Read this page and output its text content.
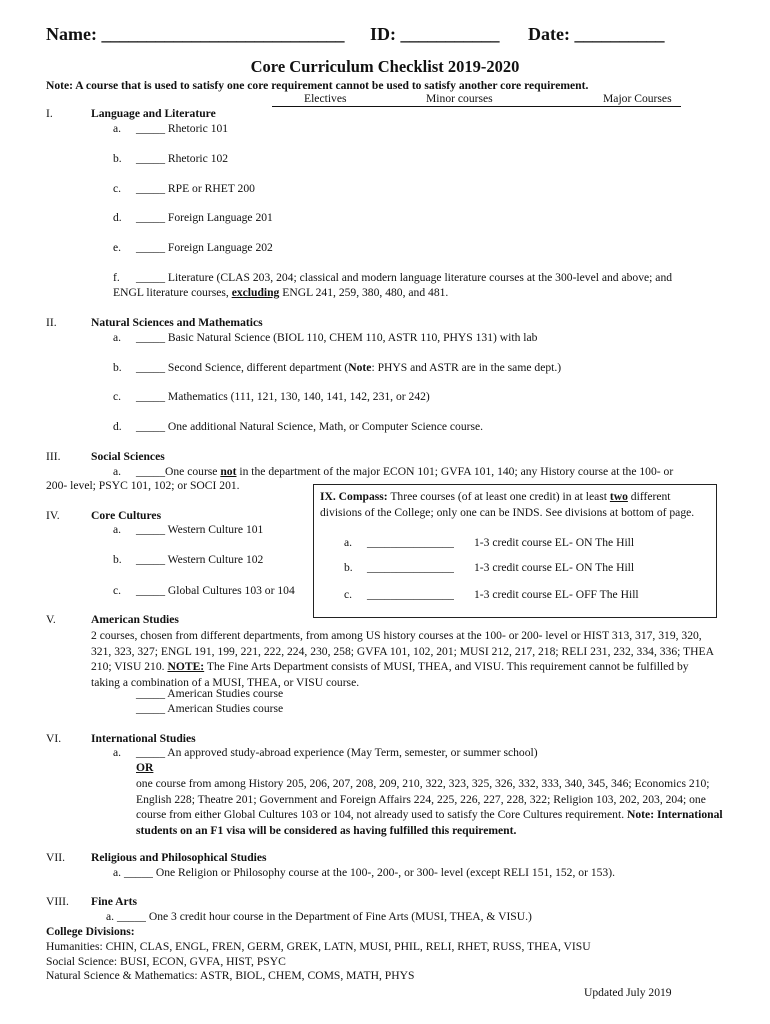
Name: ___________________________ ID: ___________ Date: __________
Core Curriculum Checklist 2019-2020
Note: A course that is used to satisfy one core requirement cannot be used to satisfy another core requirement.
Electives	Minor courses	Major Courses
I.	Language and Literature
a. _____ Rhetoric 101
b. _____ Rhetoric 102
c. _____ RPE or RHET 200
d. _____ Foreign Language 201
e. _____ Foreign Language 202
f. _____ Literature (CLAS 203, 204; classical and modern language literature courses at the 300-level and above; and
ENGL literature courses, excluding ENGL 241, 259, 380, 480, and 481.
II.	Natural Sciences and Mathematics
a. _____ Basic Natural Science (BIOL 110, CHEM 110, ASTR 110, PHYS 131) with lab
b. _____ Second Science, different department (Note: PHYS and ASTR are in the same dept.)
c. _____ Mathematics (111, 121, 130, 140, 141, 142, 231, or 242)
d. _____ One additional Natural Science, Math, or Computer Science course.
III.	Social Sciences
a. _____One course not in the department of the major ECON 101; GVFA 101, 140; any History course at the 100- or
200- level; PSYC 101, 102; or SOCI 201.
IV.	Core Cultures
a. _____ Western Culture 101
b. _____ Western Culture 102
c. _____ Global Cultures 103 or 104
IX. Compass: Three courses (of at least one credit) in at least two different divisions of the College; only one can be INDS. See divisions at bottom of page.
a. _______________ 1-3 credit course EL- ON The Hill
b. _______________ 1-3 credit course EL- ON The Hill
c. _______________ 1-3 credit course EL- OFF The Hill
V.	American Studies
2 courses, chosen from different departments, from among US history courses at the 100- or 200- level or HIST 313, 317, 319, 320, 321, 323, 327; ENGL 191, 199, 221, 222, 224, 230, 258; GVFA 101, 102, 201; MUSI 212, 217, 218; RELI 231, 232, 334, 336; THEA 210; VISU 210. NOTE: The Fine Arts Department consists of MUSI, THEA, and VISU. This requirement cannot be fulfilled by taking a combination of a MUSI, THEA, or VISU course.
_____ American Studies course
_____ American Studies course
VI.	International Studies
a. _____ An approved study-abroad experience (May Term, semester, or summer school)
OR
one course from among History 205, 206, 207, 208, 209, 210, 322, 323, 325, 326, 332, 333, 340, 345, 346; Economics 210; English 228; Theatre 201; Government and Foreign Affairs 224, 225, 226, 227, 228, 322; Religion 103, 202, 203, 204; one course from either Global Cultures 103 or 104, not already used to satisfy the Core Cultures requirement. Note: International students on an F1 visa will be considered as having fulfilled this requirement.
VII. Religious and Philosophical Studies
a. _____ One Religion or Philosophy course at the 100-, 200-, or 300- level (except RELI 151, 152, or 153).
VIII. Fine Arts
a. _____ One 3 credit hour course in the Department of Fine Arts (MUSI, THEA, & VISU.)
College Divisions:
Humanities: CHIN, CLAS, ENGL, FREN, GERM, GREK, LATN, MUSI, PHIL, RELI, RHET, RUSS, THEA, VISU
Social Science: BUSI, ECON, GVFA, HIST, PSYC
Natural Science & Mathematics: ASTR, BIOL, CHEM, COMS, MATH, PHYS
Updated July 2019
